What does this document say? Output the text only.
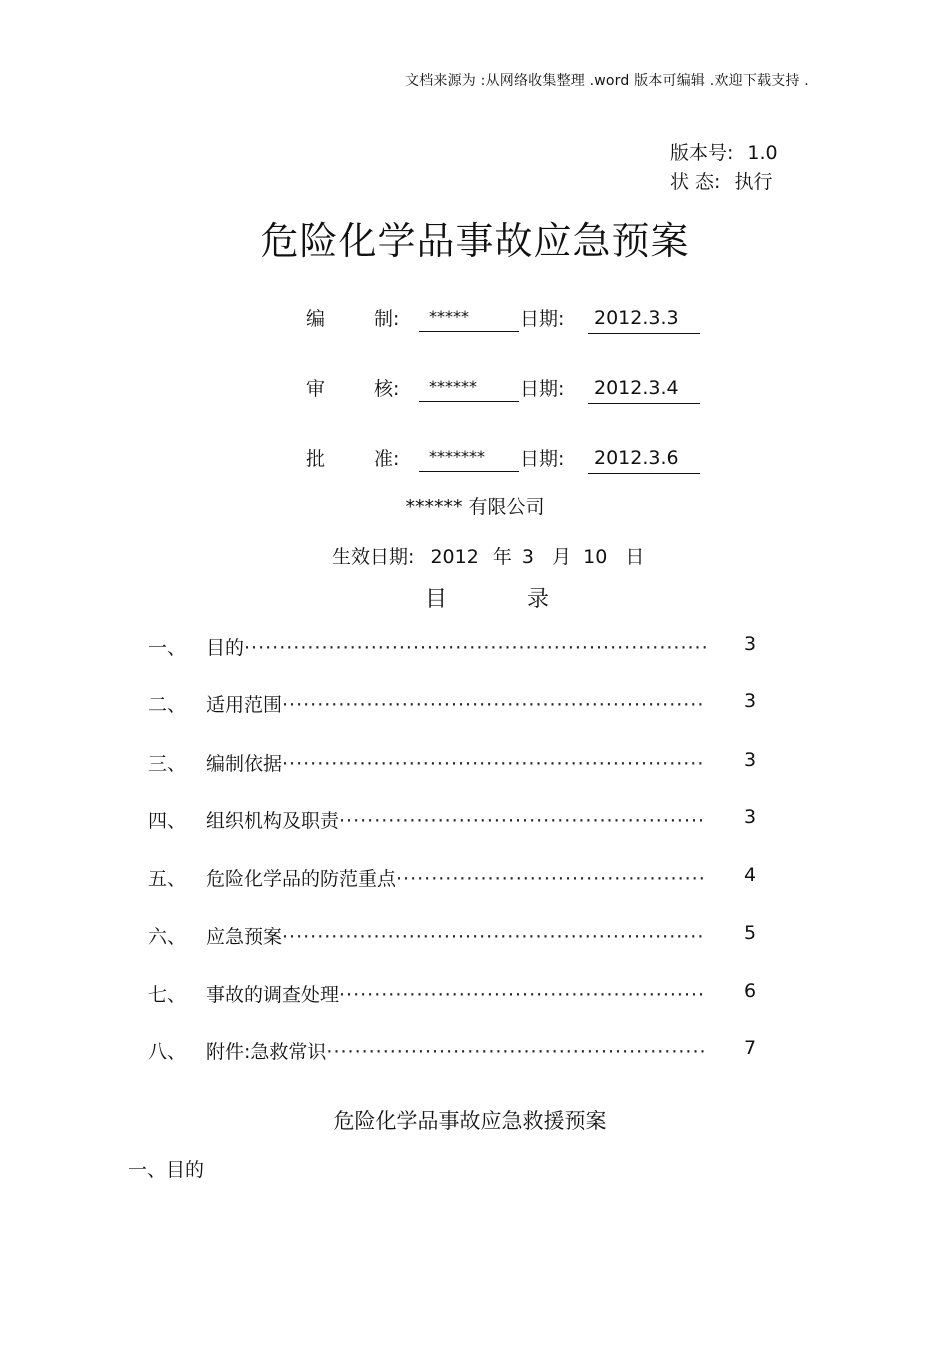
文档来源为 :从网络收集整理 .word 版本可编辑 .欢迎下载支持 .
版本号: 1.0
状 态: 执行
危险化学品事故应急预案
编	制:	*****	日期:	2012.3.3
审	核:	******	日期:	2012.3.4
批	准:	*******	日期:	2012.3.6
****** 有限公司
生效日期: 2012 年 3 月 10 日
目	录
一、 目的 ·····	3
二、 适用范围 ·····	3
三、 编制依据 ·····	3
四、 组织机构及职责 ·····	3
五、 危险化学品的防范重点 ·····	4
六、 应急预案 ·····	5
七、 事故的调查处理 ·····	6
八、 附件:急救常识 ·····	7
危险化学品事故应急救援预案
一、目的
